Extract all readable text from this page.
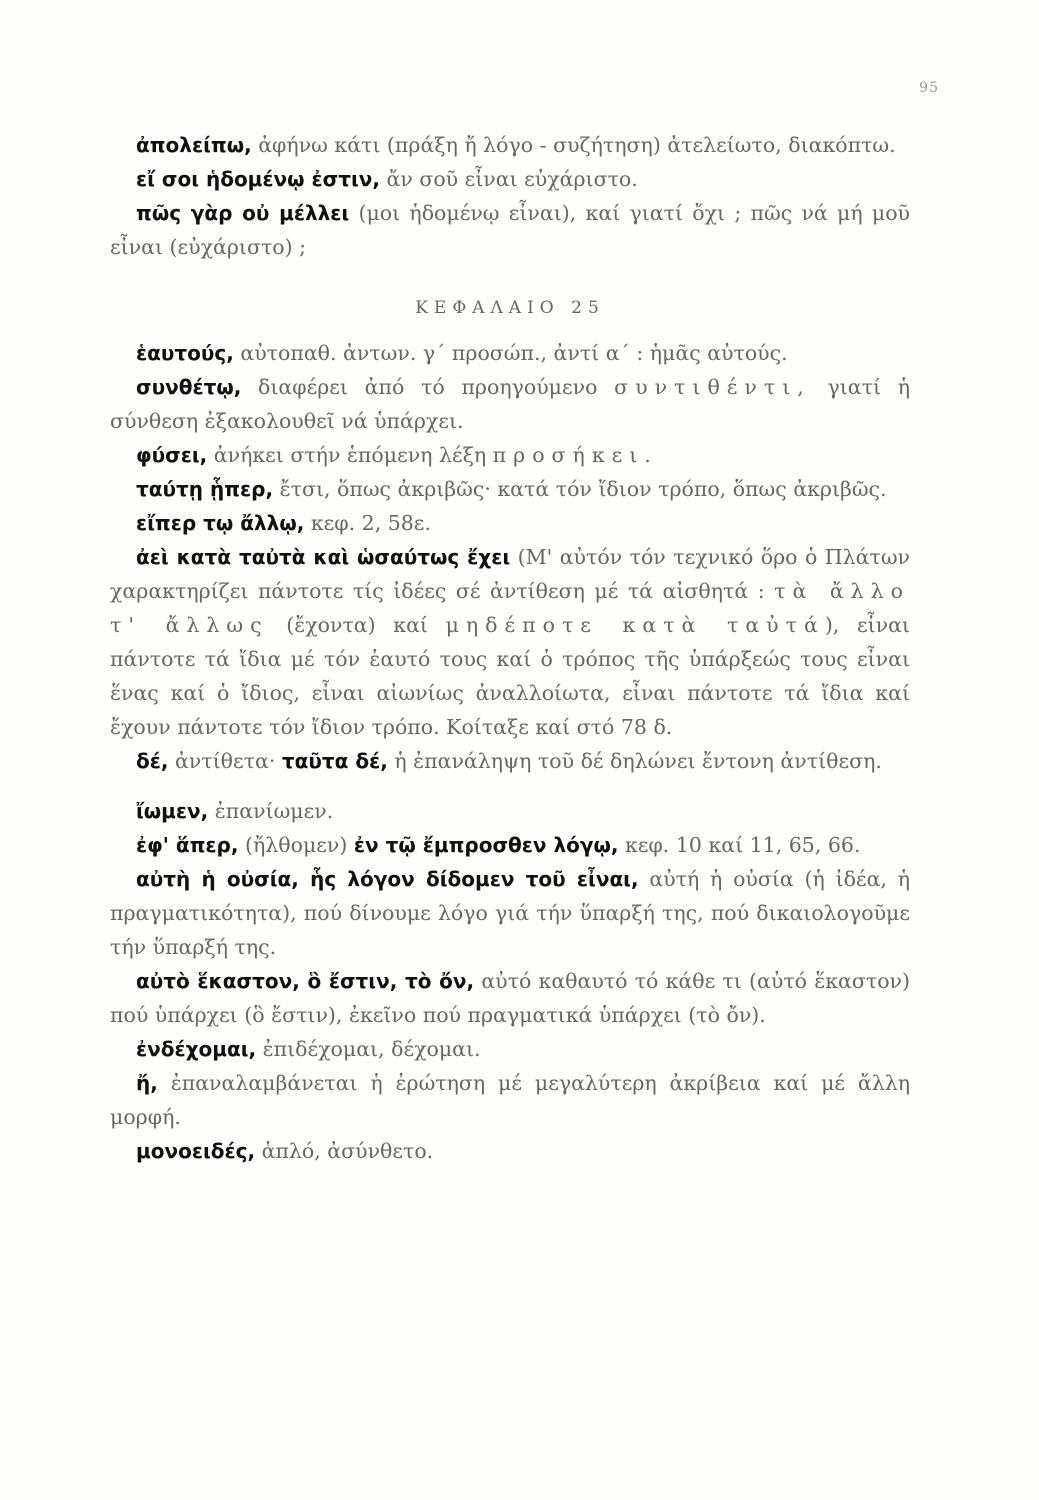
95

ἀπολείπω, ἀφήνω κάτι (πράξη ἤ λόγο - συζήτηση) ἀτελείωτο, διακόπτω.

εἴ σοι ἡδομένῳ ἐστιν, ἄν σοῦ εἶναι εὐχάριστο.

πῶς γὰρ οὐ μέλλει (μοι ἡδομένῳ εἶναι), καί γιατί ὄχι ; πῶς νά μή μοῦ εἶναι (εὐχάριστο) ;

ΚΕΦΑΛΑΙΟ 25

ἑαυτούς, αὐτοπαθ. ἀντων. γ΄ προσώπ., ἀντί α΄ : ἡμᾶς αὐτούς.

συνθέτῳ, διαφέρει ἀπό τό προηγούμενο συντιθέντι, γιατί ἡ σύνθεση ἐξακολουθεῖ νά ὑπάρχει.

φύσει, ἀνήκει στήν ἑπόμενη λέξη προσήκει.

ταύτῃ ᾗπερ, ἔτσι, ὅπως ἀκριβῶς· κατά τόν ἴδιον τρόπο, ὅπως ἀκριβῶς.

εἴπερ τῳ ἄλλῳ, κεφ. 2, 58ε.

ἀεὶ κατὰ ταὐτὰ καὶ ὡσαύτως ἔχει (Μ' αὐτόν τόν τεχνικό ὅρο ὁ Πλάτων χαρακτηρίζει πάντοτε τίς ἰδέες σέ ἀντίθεση μέ τά αἰσθητά : τὰ ἄλλο τ' ἄλλως (ἔχοντα) καί μηδέποτε κατὰ ταὐτά), εἶναι πάντοτε τά ἴδια μέ τόν ἑαυτό τους καί ὁ τρόπος τῆς ὑπάρξεώς τους εἶναι ἕνας καί ὁ ἴδιος, εἶναι αἰωνίως ἀναλλοίωτα, εἶναι πάντοτε τά ἴδια καί ἔχουν πάντοτε τόν ἴδιον τρόπο. Κοίταξε καί στό 78 δ.

δέ, ἀντίθετα· ταῦτα δέ, ἡ ἐπανάληψη τοῦ δέ δηλώνει ἔντονη ἀντίθεση.

ἴωμεν, ἐπανίωμεν.

ἐφ' ἅπερ, (ἤλθομεν) ἐν τῷ ἔμπροσθεν λόγῳ, κεφ. 10 καί 11, 65, 66.

αὐτὴ ἡ οὐσία, ἧς λόγον δίδομεν τοῦ εἶναι, αὐτή ἡ οὐσία (ἡ ἰδέα, ἡ πραγματικότητα), πού δίνουμε λόγο γιά τήν ὕπαρξή της, πού δικαιολογοῦμε τήν ὕπαρξή της.

αὐτὸ ἕκαστον, ὃ ἔστιν, τὸ ὄν, αὐτό καθαυτό τό κάθε τι (αὐτό ἕκαστον) πού ὑπάρχει (ὃ ἔστιν), ἐκεῖνο πού πραγματικά ὑπάρχει (τὸ ὄν).

ἐνδέχομαι, ἐπιδέχομαι, δέχομαι.

ἤ, ἐπαναλαμβάνεται ἡ ἐρώτηση μέ μεγαλύτερη ἀκρίβεια καί μέ ἄλλη μορφή.

μονοειδές, ἁπλό, ἀσύνθετο.
